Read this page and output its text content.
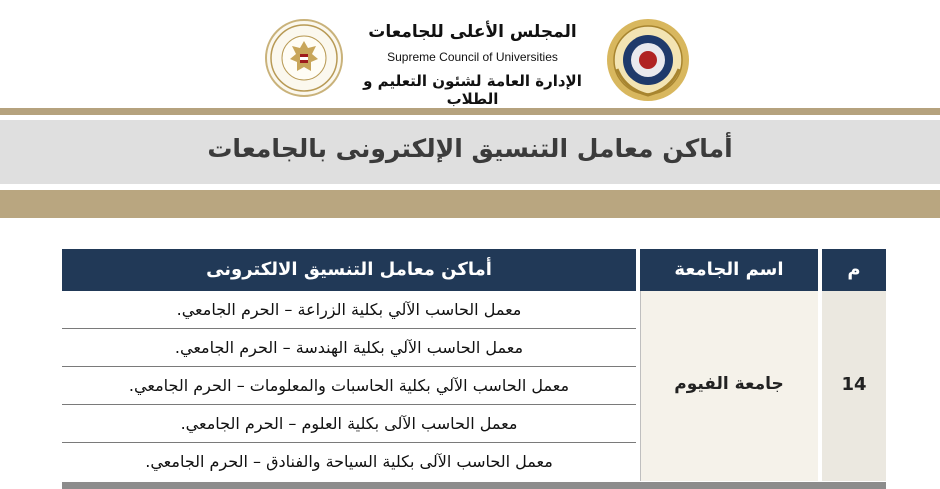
المجلس الأعلى للجامعات
Supreme Council of Universities
الإدارة العامة لشئون التعليم و الطلاب
أماكن معامل التنسيق الإلكترونى بالجامعات
أماكن معامل التنسيق الالكترونى	اسم الجامعة	م
14
جامعة الفيوم
معمل الحاسب الآلي بكلية الزراعة – الحرم الجامعي.
معمل الحاسب الآلي بكلية الهندسة – الحرم الجامعي.
معمل الحاسب الآلي بكلية الحاسبات والمعلومات – الحرم الجامعي.
معمل الحاسب الآلى بكلية العلوم – الحرم الجامعي.
معمل الحاسب الآلى بكلية السياحة والفنادق – الحرم الجامعي.
